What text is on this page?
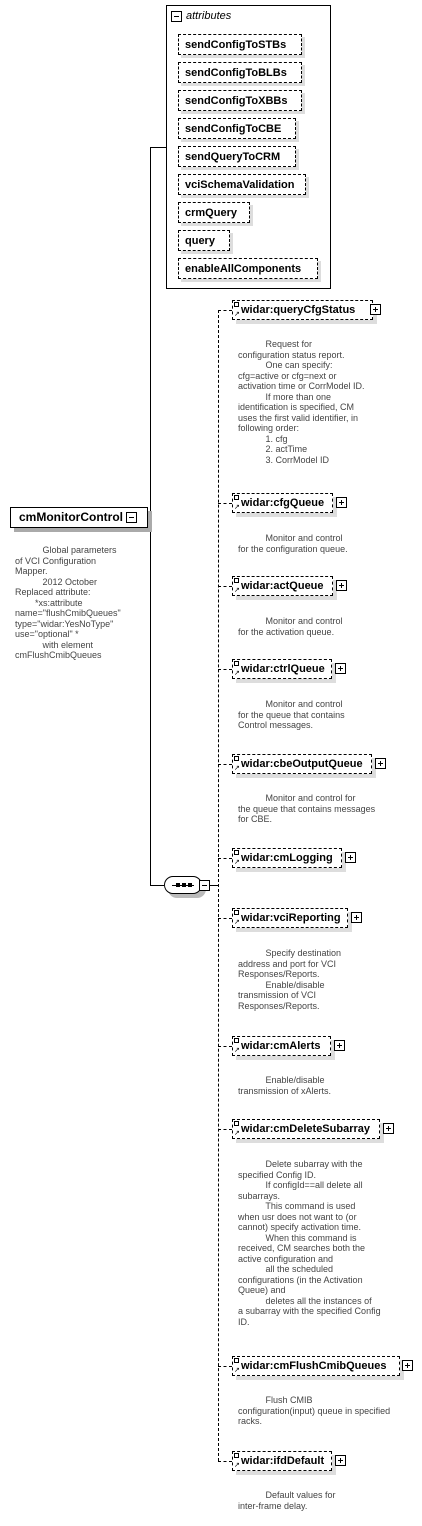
attributes
sendConfigToSTBs
sendConfigToBLBs
sendConfigToXBBs
sendConfigToCBE
sendQueryToCRM
vciSchemaValidation
crmQuery
query
enableAllComponents
cmMonitorControl
Global parameters
of VCI Configuration
Mapper.
2012 October
Replaced attribute:
*xs:attribute
name="flushCmibQueues"
type="widar:YesNoType"
use="optional" *
with element
cmFlushCmibQueues
↗ widar:queryCfgStatus
Request for
configuration status report.
One can specify:
cfg=active or cfg=next or
activation time or CorrModel ID.
If more than one
identification is specified, CM
uses the first valid identifier, in
following order:
1. cfg
2. actTime
3. CorrModel ID
↗ widar:cfgQueue
Monitor and control
for the configuration queue.
↗ widar:actQueue
Monitor and control
for the activation queue.
↗ widar:ctrlQueue
Monitor and control
for the queue that contains
Control messages.
↗ widar:cbeOutputQueue
Monitor and control for
the queue that contains messages
for CBE.
↗ widar:cmLogging
↗ widar:vciReporting
Specify destination
address and port for VCI
Responses/Reports.
Enable/disable
transmission of VCI
Responses/Reports.
↗ widar:cmAlerts
Enable/disable
transmission of xAlerts.
↗ widar:cmDeleteSubarray
Delete subarray with the
specified Config ID.
If configId==all delete all
subarrays.
This command is used
when usr does not want to (or
cannot) specify activation time.
When this command is
received, CM searches both the
active configuration and
all the scheduled
configurations (in the Activation
Queue) and
deletes all the instances of
a subarray with the specified Config
ID.
↗ widar:cmFlushCmibQueues
Flush CMIB
configuration(input) queue in specified
racks.
↗ widar:ifdDefault
Default values for
inter-frame delay.
